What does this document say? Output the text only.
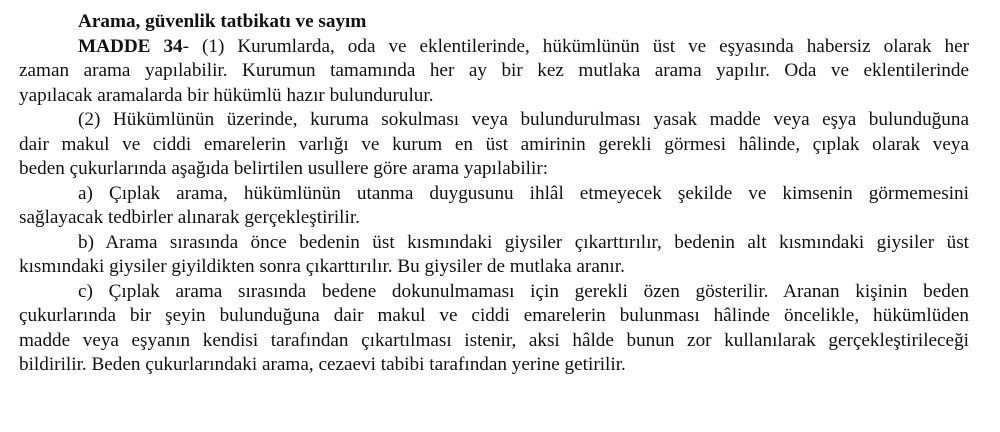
Arama, güvenlik tatbikatı ve sayım
MADDE 34- (1) Kurumlarda, oda ve eklentilerinde, hükümlünün üst ve eşyasında habersiz olarak her
zaman arama yapılabilir. Kurumun tamamında her ay bir kez mutlaka arama yapılır. Oda ve eklentilerinde
yapılacak aramalarda bir hükümlü hazır bulundurulur.
(2) Hükümlünün üzerinde, kuruma sokulması veya bulundurulması yasak madde veya eşya bulunduğuna
dair makul ve ciddi emarelerin varlığı ve kurum en üst amirinin gerekli görmesi hâlinde, çıplak olarak veya
beden çukurlarında aşağıda belirtilen usullere göre arama yapılabilir:
a) Çıplak arama, hükümlünün utanma duygusunu ihlâl etmeyecek şekilde ve kimsenin görmemesini
sağlayacak tedbirler alınarak gerçekleştirilir.
b) Arama sırasında önce bedenin üst kısmındaki giysiler çıkarttırılır, bedenin alt kısmındaki giysiler üst
kısmındaki giysiler giyildikten sonra çıkarttırılır. Bu giysiler de mutlaka aranır.
c) Çıplak arama sırasında bedene dokunulmaması için gerekli özen gösterilir. Aranan kişinin beden
çukurlarında bir şeyin bulunduğuna dair makul ve ciddi emarelerin bulunması hâlinde öncelikle, hükümlüden
madde veya eşyanın kendisi tarafından çıkartılması istenir, aksi hâlde bunun zor kullanılarak gerçekleştirileceği
bildirilir. Beden çukurlarındaki arama, cezaevi tabibi tarafından yerine getirilir.
